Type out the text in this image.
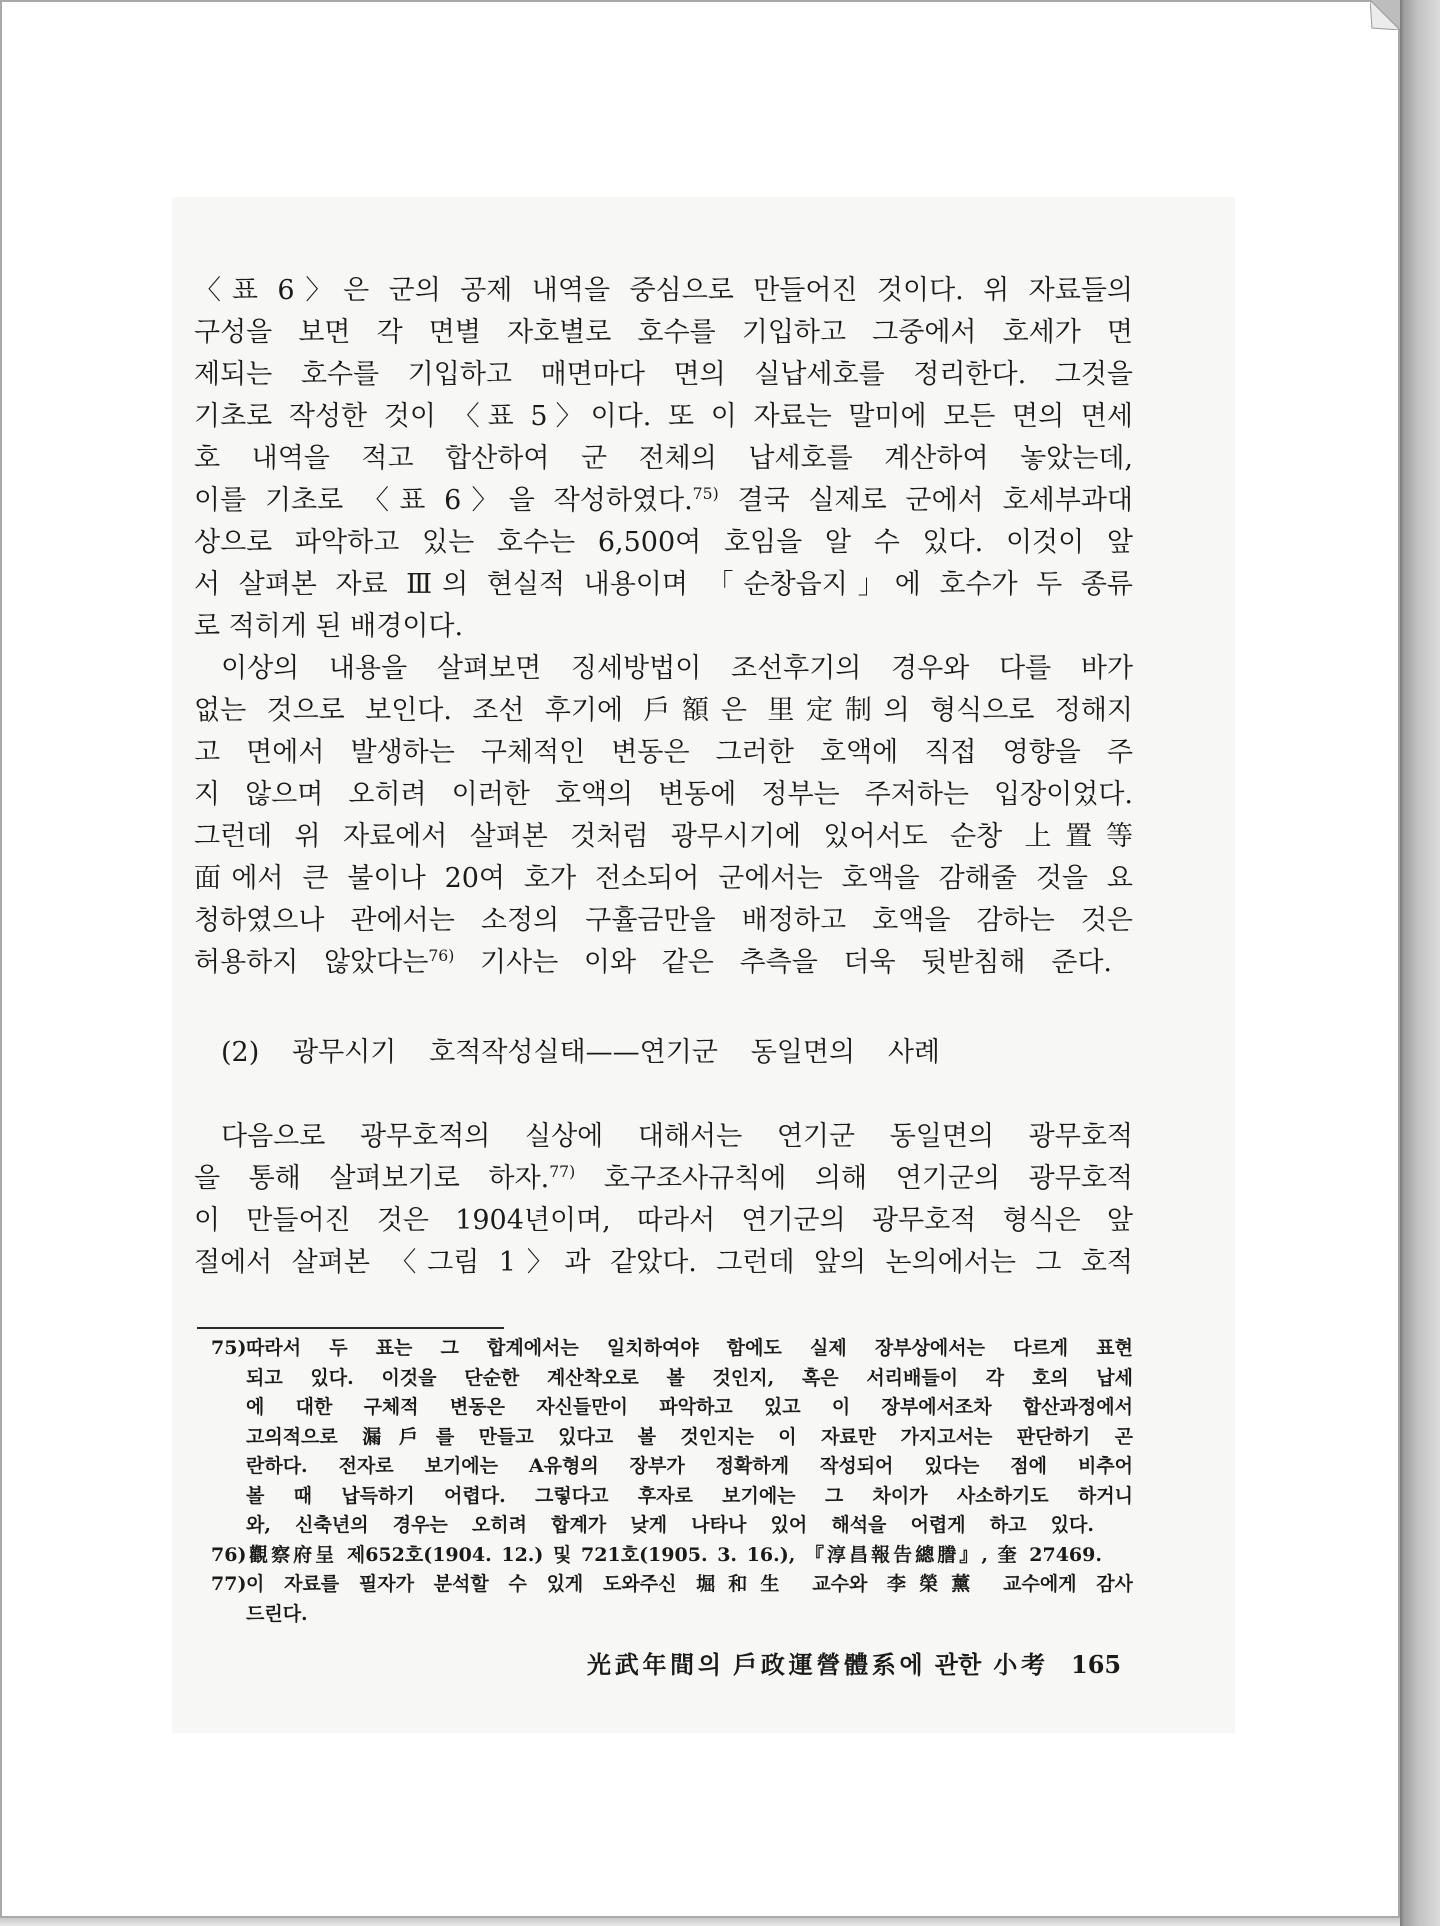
〈표 6〉은 군의 공제 내역을 중심으로 만들어진 것이다. 위 자료들의
구성을 보면 각 면별 자호별로 호수를 기입하고 그중에서 호세가 면
제되는 호수를 기입하고 매면마다 면의 실납세호를 정리한다. 그것을
기초로 작성한 것이 〈표 5〉이다. 또 이 자료는 말미에 모든 면의 면세
호 내역을 적고 합산하여 군 전체의 납세호를 계산하여 놓았는데,
이를 기초로 〈표 6〉을 작성하였다.$^{75)}$ 결국 실제로 군에서 호세부과대
상으로 파악하고 있는 호수는 6,500여 호임을 알 수 있다. 이것이 앞
서 살펴본 자료 Ⅲ의 현실적 내용이며 「순창읍지」에 호수가 두 종류
로 적히게 된 배경이다.
이상의 내용을 살펴보면 징세방법이 조선후기의 경우와 다를 바가
없는 것으로 보인다. 조선 후기에 戶額은 里定制의 형식으로 정해지
고 면에서 발생하는 구체적인 변동은 그러한 호액에 직접 영향을 주
지 않으며 오히려 이러한 호액의 변동에 정부는 주저하는 입장이었다.
그런데 위 자료에서 살펴본 것처럼 광무시기에 있어서도 순창 上置等
面에서 큰 불이나 20여 호가 전소되어 군에서는 호액을 감해줄 것을 요
청하였으나 관에서는 소정의 구휼금만을 배정하고 호액을 감하는 것은
허용하지 않았다는$^{76)}$ 기사는 이와 같은 추측을 더욱 뒷받침해 준다.
(2) 광무시기 호적작성실태——연기군 동일면의 사례
다음으로 광무호적의 실상에 대해서는 연기군 동일면의 광무호적
을 통해 살펴보기로 하자.$^{77)}$ 호구조사규칙에 의해 연기군의 광무호적
이 만들어진 것은 1904년이며, 따라서 연기군의 광무호적 형식은 앞
절에서 살펴본 〈그림 1〉과 같았다. 그런데 앞의 논의에서는 그 호적
75)따라서 두 표는 그 합계에서는 일치하여야 함에도 실제 장부상에서는 다르게 표현
되고 있다. 이것을 단순한 계산착오로 볼 것인지, 혹은 서리배들이 각 호의 납세
에 대한 구체적 변동은 자신들만이 파악하고 있고 이 장부에서조차 합산과정에서
고의적으로 漏戶를 만들고 있다고 볼 것인지는 이 자료만 가지고서는 판단하기 곤
란하다. 전자로 보기에는 A유형의 장부가 정확하게 작성되어 있다는 점에 비추어
볼 때 납득하기 어렵다. 그렇다고 후자로 보기에는 그 차이가 사소하기도 하거니
와, 신축년의 경우는 오히려 합계가 낮게 나타나 있어 해석을 어렵게 하고 있다.
76)觀察府呈 제652호(1904. 12.) 및 721호(1905. 3. 16.), 『淳昌報告總謄』, 奎 27469.
77)이 자료를 필자가 분석할 수 있게 도와주신 堀和生 교수와 李榮薰 교수에게 감사
드린다.
光武年間의 戶政運營體系에 관한 小考 165
